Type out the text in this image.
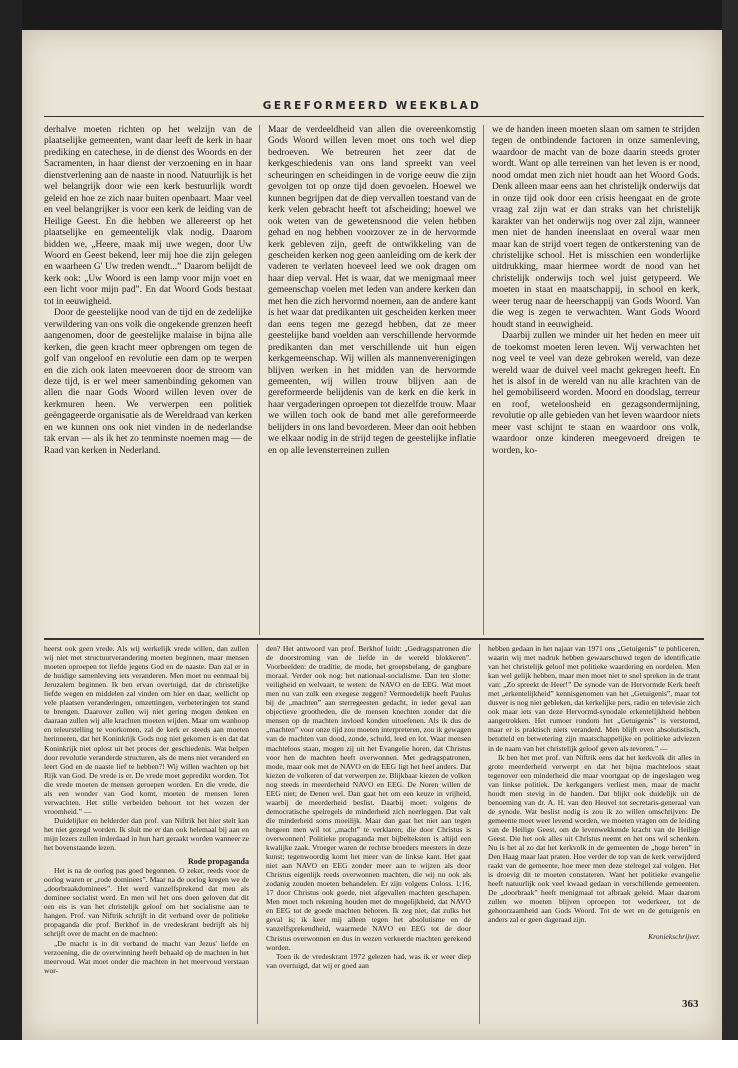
GEREFORMEERD WEEKBLAD

derhalve moeten richten op het welzijn van de plaatselijke gemeenten, want daar leeft de kerk in haar prediking en catechese, in de dienst des Woords en der Sacramenten, in haar dienst der verzoening en in haar dienstverlening aan de naaste in nood. Natuurlijk is het wel belangrijk door wie een kerk bestuurlijk wordt geleid en hoe ze zich naar buiten openbaart. Maar veel en veel belangrijker is voor een kerk de leiding van de Heilige Geest. En die hebben we allereerst op het plaatselijke en gemeentelijk vlak nodig. Daarom bidden we, „Heere, maak mij uwe wegen, door Uw Woord en Geest bekend, leer mij hoe die zijn gelegen en waarheen G' Uw treden wendt...” Daarom belijdt de kerk ook: „Uw Woord is een lamp voor mijn voet en een licht voor mijn pad”. En dat Woord Gods bestaat tot in eeuwigheid.

Door de geestelijke nood van de tijd en de zedelijke verwildering van ons volk die ongekende grenzen heeft aangenomen, door de geestelijke malaise in bijna alle kerken, die geen kracht meer opbrengen om tegen de golf van ongeloof en revolutie een dam op te werpen en die zich ook laten meevoeren door de stroom van deze tijd, is er wel meer samenbinding gekomen van allen die naar Gods Woord willen leven over de kerkmuren heen. We verwerpen een politiek geëngageerde organisatie als de Wereldraad van kerken en we kunnen ons ook niet vinden in de nederlandse tak ervan — als ik het zo tenminste noemen mag — de Raad van kerken in Nederland.

Maar de verdeeldheid van allen die overeenkomstig Gods Woord willen leven moet ons toch wel diep bedroeven. We betreuren het zeer dat de kerkgeschiedenis van ons land spreekt van veel scheuringen en scheidingen in de vorige eeuw die zijn gevolgen tot op onze tijd doen gevoelen. Hoewel we kunnen begrijpen dat de diep vervallen toestand van de kerk velen gebracht heeft tot afscheiding; hoewel we ook weten van de gewetensnood die velen hebben gehad en nog hebben voorzover ze in de hervormde kerk gebleven zijn, geeft de ontwikkeling van de gescheiden kerken nog geen aanleiding om de kerk der vaderen te verlaten hoeveel leed we ook dragen om haar diep verval. Het is waar, dat we menigmaal meer gemeenschap voelen met leden van andere kerken dan met hen die zich hervormd noemen, aan de andere kant is het waar dat predikanten uit gescheiden kerken meer dan eens tegen me gezegd hebben, dat ze meer geestelijke band voelden aan verschillende hervormde predikanten dan met verschillende uit hun eigen kerkgemeenschap. Wij willen als mannenverenigingen blijven werken in het midden van de hervormde gemeenten, wij willen trouw blijven aan de gereformeerde belijdenis van de kerk en die kerk in haar vergaderingen oproepen tot diezelfde trouw. Maar we willen toch ook de band met alle gereformeerde belijders in ons land bevorderen. Meer dan ooit hebben we elkaar nodig in de strijd tegen de geestelijke inflatie en op alle levensterreinen zullen

we de handen ineen moeten slaan om samen te strijden tegen de ontbindende factoren in onze samenleving, waardoor de macht van de boze daarin steeds groter wordt. Want op alle terreinen van het leven is er nood, nood omdat men zich niet houdt aan het Woord Gods. Denk alleen maar eens aan het christelijk onderwijs dat in onze tijd ook door een crisis heengaat en de grote vraag zal zijn wat er dan straks van het christelijk karakter van het onderwijs nog over zal zijn, wanneer men niet de handen ineenslaat en overal waar men maar kan de strijd voert tegen de ontkerstening van de christelijke school. Het is misschien een wonderlijke uitdrukking, maar hiermee wordt de nood van het christelijk onderwijs toch wel juist getypeerd. We moeten in staat en maatschappij, in school en kerk, weer terug naar de heerschappij van Gods Woord. Van die weg is zegen te verwachten. Want Gods Woord houdt stand in eeuwigheid.

Daarbij zullen we minder uit het heden en meer uit de toekomst moeten leren leven. Wij verwachten het nog veel te veel van deze gebroken wereld, van deze wereld waar de duivel veel macht gekregen heeft. En het is alsof in de wereld van nu alle krachten van de hel gemobiliseerd worden. Moord en doodslag, terreur en roof, weteloosheid en gezagsondermijning, revolutie op alle gebieden van het leven waardoor niets meer vast schijnt te staan en waardoor ons volk, waardoor onze kinderen meegevoerd dreigen te worden, ko-

heerst ook geen vrede. Als wij werkelijk vrede willen, dan zullen wij niet met structuurverandering moeten beginnen, maar mensen moeten oproepen tot liefde jegens God en de naaste. Dan zal er in de huidige samenleving iets veranderen. Men moet nu eenmaal bij Jeruzalem beginnen. Ik ben ervan overtuigd, dat de christelijke liefde wegen en middelen zal vinden om hier en daar, wellicht op vele plaatsen veranderingen, omzettingen, verbeteringen tot stand te brengen. Daarover zullen wij niet gering mogen denken en daaraan zullen wij alle krachten moeten wijden. Maar om wanhoop en teleurstelling te voorkomen, zal de kerk er steeds aan moeten herinneren, dat het Koninkrijk Gods nog niet gekomen is en dat dat Koninkrijk niet oplost uit het proces der geschiedenis. Wat helpen door revolutie veranderde structuren, als de mens niet veranderd en leert God en de naaste lief te hebben?! Wij willen wachten op het Rijk van God. De vrede is er. De vrede moet gepredikt worden. Tot die vrede moeten de mensen geroepen worden. En die vrede, die als een wonder van God komt, moeten de mensen leren verwachten. Het stille verbeiden behoort tot het wezen der vroomheid.” —

Duidelijker en helderder dan prof. van Niftrik het hier stelt kan het niet gezegd worden. Ik sluit me er dan ook helemaal bij aan en mijn lezers zullen inderdaad in hun hart geraakt worden wanneer ze het bovenstaande lezen.

Rode propaganda

Het is na de oorlog pas goed begonnen. O zeker, reeds voor de oorlog waren er „rode dominees”. Maar na de oorlog kregen we de „doorbraakdominees”. Het werd vanzelfsprekend dat men als dominee socialist werd. En men wil het ons doen geloven dat dit een eis is van het christelijk geloof om het socialisme aan te hangen. Prof. van Niftrik schrijft in dit verband over de politieke propaganda die prof. Berkhof in de vredeskrant bedrijft als hij schrijft over de macht en de machten:

„De macht is in dit verband de macht van Jezus' liefde en verzoening, die de overwinning heeft behaald op de machten in het meervoud. Wat moet onder die machten in het meervoud verstaan wor-

den? Het antwoord van prof. Berkhof luidt: „Gedragspatronen die de doorstroming van de liefde in de wereld blokkeren”. Voorbeelden: de traditie, de mode, het groepsbelang, de gangbare moraal. Verder ook nog: het nationaal-socialisme. Dan ten slotte: veiligheid en welvaart, te weten: de NAVO en de EEG. Wat moet men nu van zulk een exegese zeggen? Vermoedelijk heeft Paulus bij de „machten” aan sterregeesten gedacht, in ieder geval aan objectieve grootheden, die de mensen knechten zonder dat die mensen op de machten invloed konden uitoefenen. Als ik dus de „machten” voor onze tijd zou moeten interpreteren, zou ik gewagen van de machten van dood, zonde, schuld, leed en lot. Waar mensen machteloos staan, mogen zij uit het Evangelie horen, dat Christus voor hen de machten heeft overwonnen. Met gedragspatronen, mode, maar ook met de NAVO en de EEG ligt het heel anders. Dat kiezen de volkeren of dat verwerpen ze. Blijkbaar kiezen de volken nog steeds in meerderheid NAVO en EEG. De Noren willen de EEG niet; de Denen wel. Dan gaat het om een keuze in vrijheid, waarbij de meerderheid beslist. Daarbij moet: volgens de democratische spelregels de minderheid zich neerleggen. Dat valt die minderheid soms moeilijk. Maar dan gaat het niet aan tegen hetgeen men wil tot „macht” te verklaren, die door Christus is overwonnen! Politieke propaganda met bijbelteksten is altijd een kwalijke zaak. Vroeger waren de rechtse broeders meesters in deze kunst; tegenwoordig komt het meer van de linkse kant. Het gaat niet aan NAVO en EEG zonder meer aan te wijzen als door Christus eigenlijk reeds overwonnen machten, die wij nu ook als zodanig zouden moeten behandelen. Er zijn volgens Coloss. 1:16, 17 door Christus ook goede, niet afgevallen machten geschapen. Men moet toch rekening houden met de mogelijkheid, dat NAVO en EEG tot de goede machten behoren. Ik zeg niet, dat zulks het geval is; ik keer mij alleen tegen het absolutisme en de vanzelfsprekendheid, waarmede NAVO en EEG tot de door Christus overwonnen en dus in wezen verkeerde machten gerekend worden.

Toen ik de vredeskrant 1972 gelezen had, was ik er weer diep van overtuigd, dat wij er goed aan

hebben gedaan in het najaar van 1971 ons „Getuigenis” te publiceren, waarin wij met nadruk hebben gewaarschuwd tegen de identificatie van het christelijk geloof met politieke waardering en oordelen. Men kan wel gelijk hebben, maar men moet niet te snel spreken in de trant van: „Zo spreekt de Heer!” De synode van de Hervormde Kerk heeft met „erkentelijkheid” kennisgenomen van het „Getuigenis”, maar tot dusver is nog niet gebleken, dat kerkelijke pers, radio en televisie zich ook maar iets van deze Hervormd-synodale erkentelijkheid hebben aangetrokken. Het rumoer rondom het „Getuigenis” is verstomd, maar er is praktisch niets veranderd. Men blijft even absolutistisch, betutteld en betwetering zijn maatschappelijke en politieke adviezen in de naam van het christelijk geloof geven als tevoren.” —

Ik ben het met prof. van Niftrik eens dat het kerkvolk dit alles in grote meerderheid verwerpt en dat het bijna machteloos staat tegenover een minderheid die maar voortgaat op de ingeslagen weg van linkse politiek. De kerkgangers verliest men, maar de macht houdt men stevig in de handen. Dat blijkt ook duidelijk uit de benoeming van dr. A. H. van den Heuvel tot secretaris-generaal van de synode. Wat beslist nodig is zou ik zo willen omschrijven: De gemeente moet weer levend worden, we moeten vragen om de leiding van de Heilige Geest, om de levenwekkende kracht van de Heilige Geest. Die het ook alles uit Christus neemt en het ons wil schenken. Nu is het al zo dat het kerkvolk in de gemeenten de „hoge heren” in Den Haag maar laat praten. Hoe verder de top van de kerk verwijderd raakt van de gemeente, hoe meer men deze stelregel zal volgen. Het is droevig dit te moeten constateren. Want het politieke evangelie heeft natuurlijk ook veel kwaad gedaan in verschillende gemeenten. De „doorbraak” heeft menigmaal tot afbraak geleid. Maar daarom zullen we moeten blijven oproepen tot wederkeer, tot de gehoorzaamheid aan Gods Woord. Tot de wet en de getuigenis en anders zal er geen dageraad zijn.

Kroniekschrijver.
363
